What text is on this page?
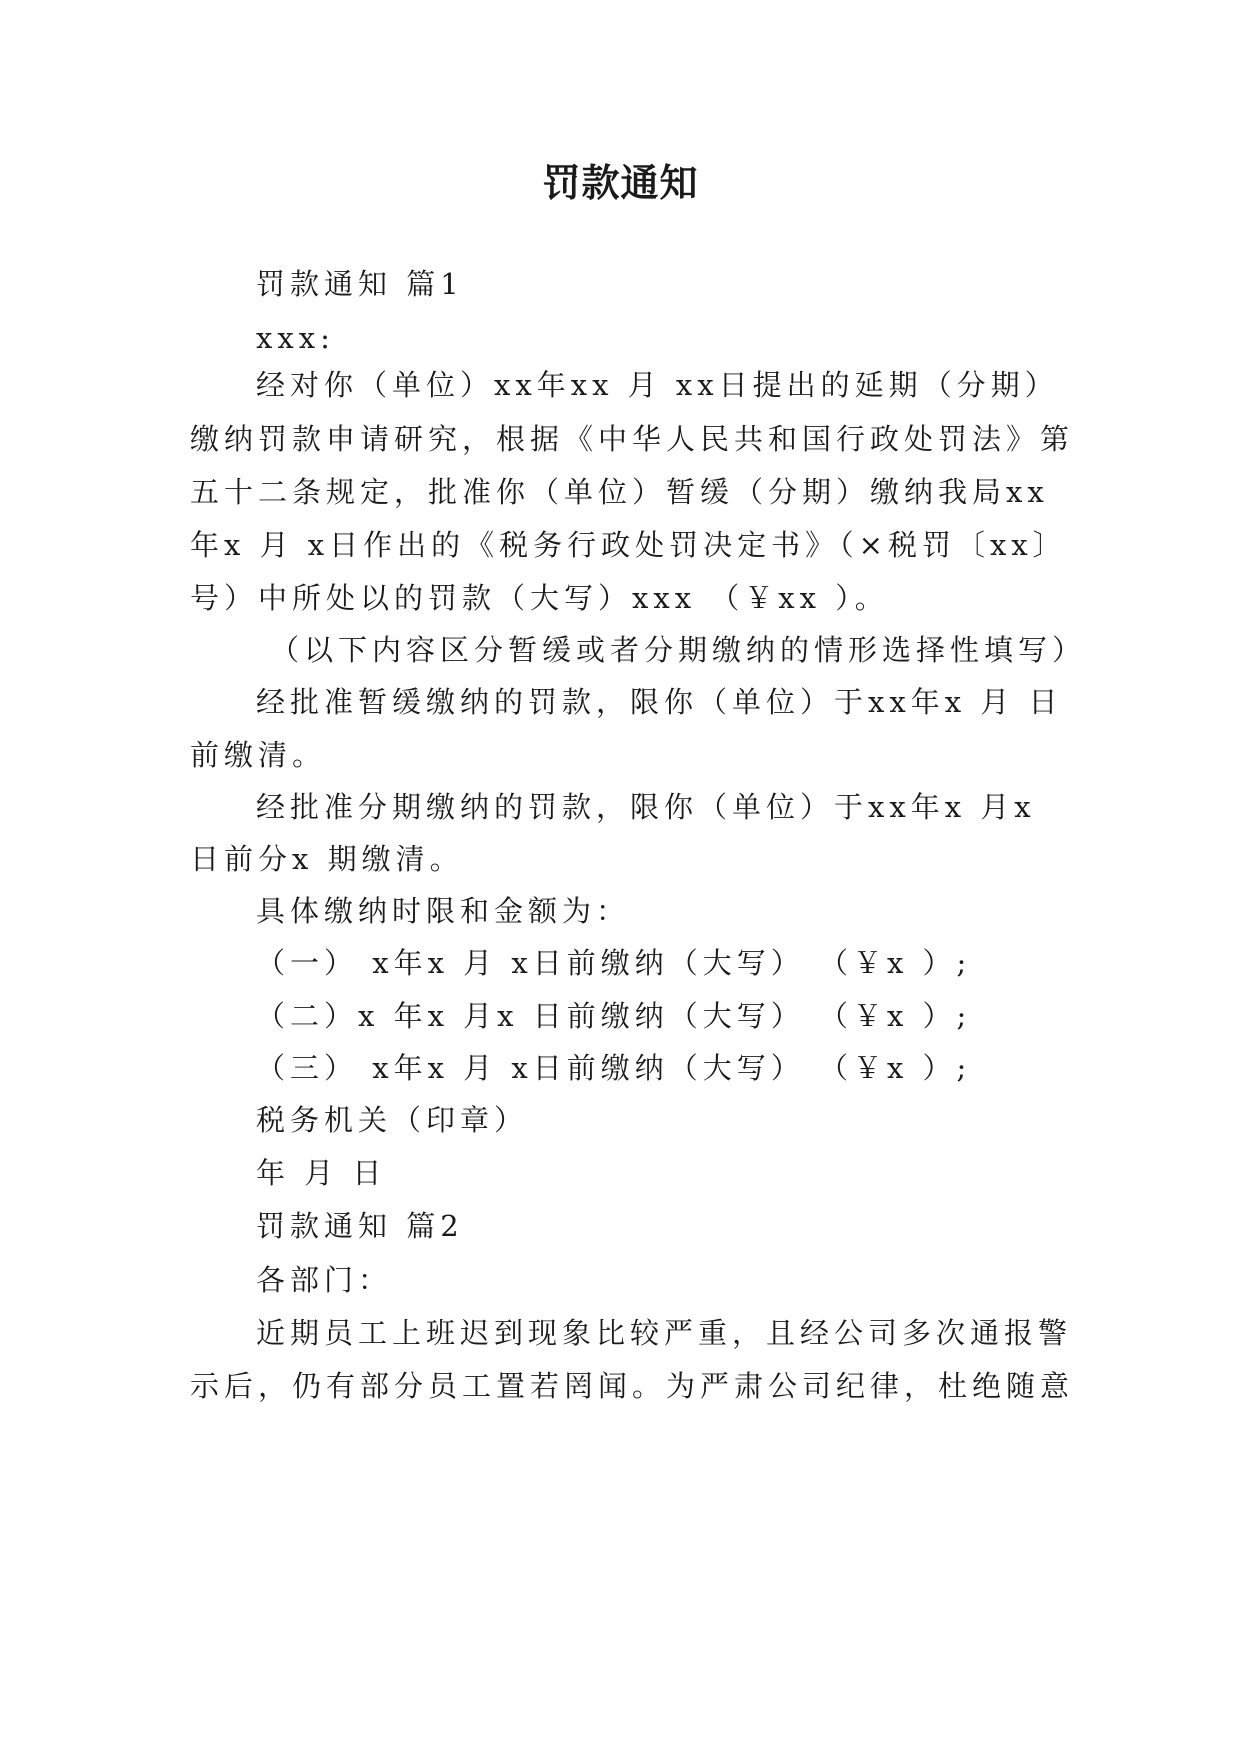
罚款通知

罚款通知 篇1

xxx:

经对你（单位）xx年xx 月 xx日提出的延期（分期）

缴纳罚款申请研究，根据《中华人民共和国行政处罚法》第

五十二条规定，批准你（单位）暂缓（分期）缴纳我局xx

年x 月 x日作出的《税务行政处罚决定书》（×税罚〔xx〕

号）中所处以的罚款（大写）xxx （￥xx ）。

（以下内容区分暂缓或者分期缴纳的情形选择性填写）

经批准暂缓缴纳的罚款，限你（单位）于xx年x 月 日

前缴清。

经批准分期缴纳的罚款，限你（单位）于xx年x 月x

日前分x 期缴清。

具体缴纳时限和金额为：

（一） x年x 月 x日前缴纳（大写） （￥x ）;

（二）x 年x 月x 日前缴纳（大写） （￥x ）;

（三） x年x 月 x日前缴纳（大写） （￥x ）;

税务机关（印章）

年 月 日

罚款通知 篇2

各部门：

近期员工上班迟到现象比较严重，且经公司多次通报警

示后，仍有部分员工置若罔闻。为严肃公司纪律，杜绝随意
